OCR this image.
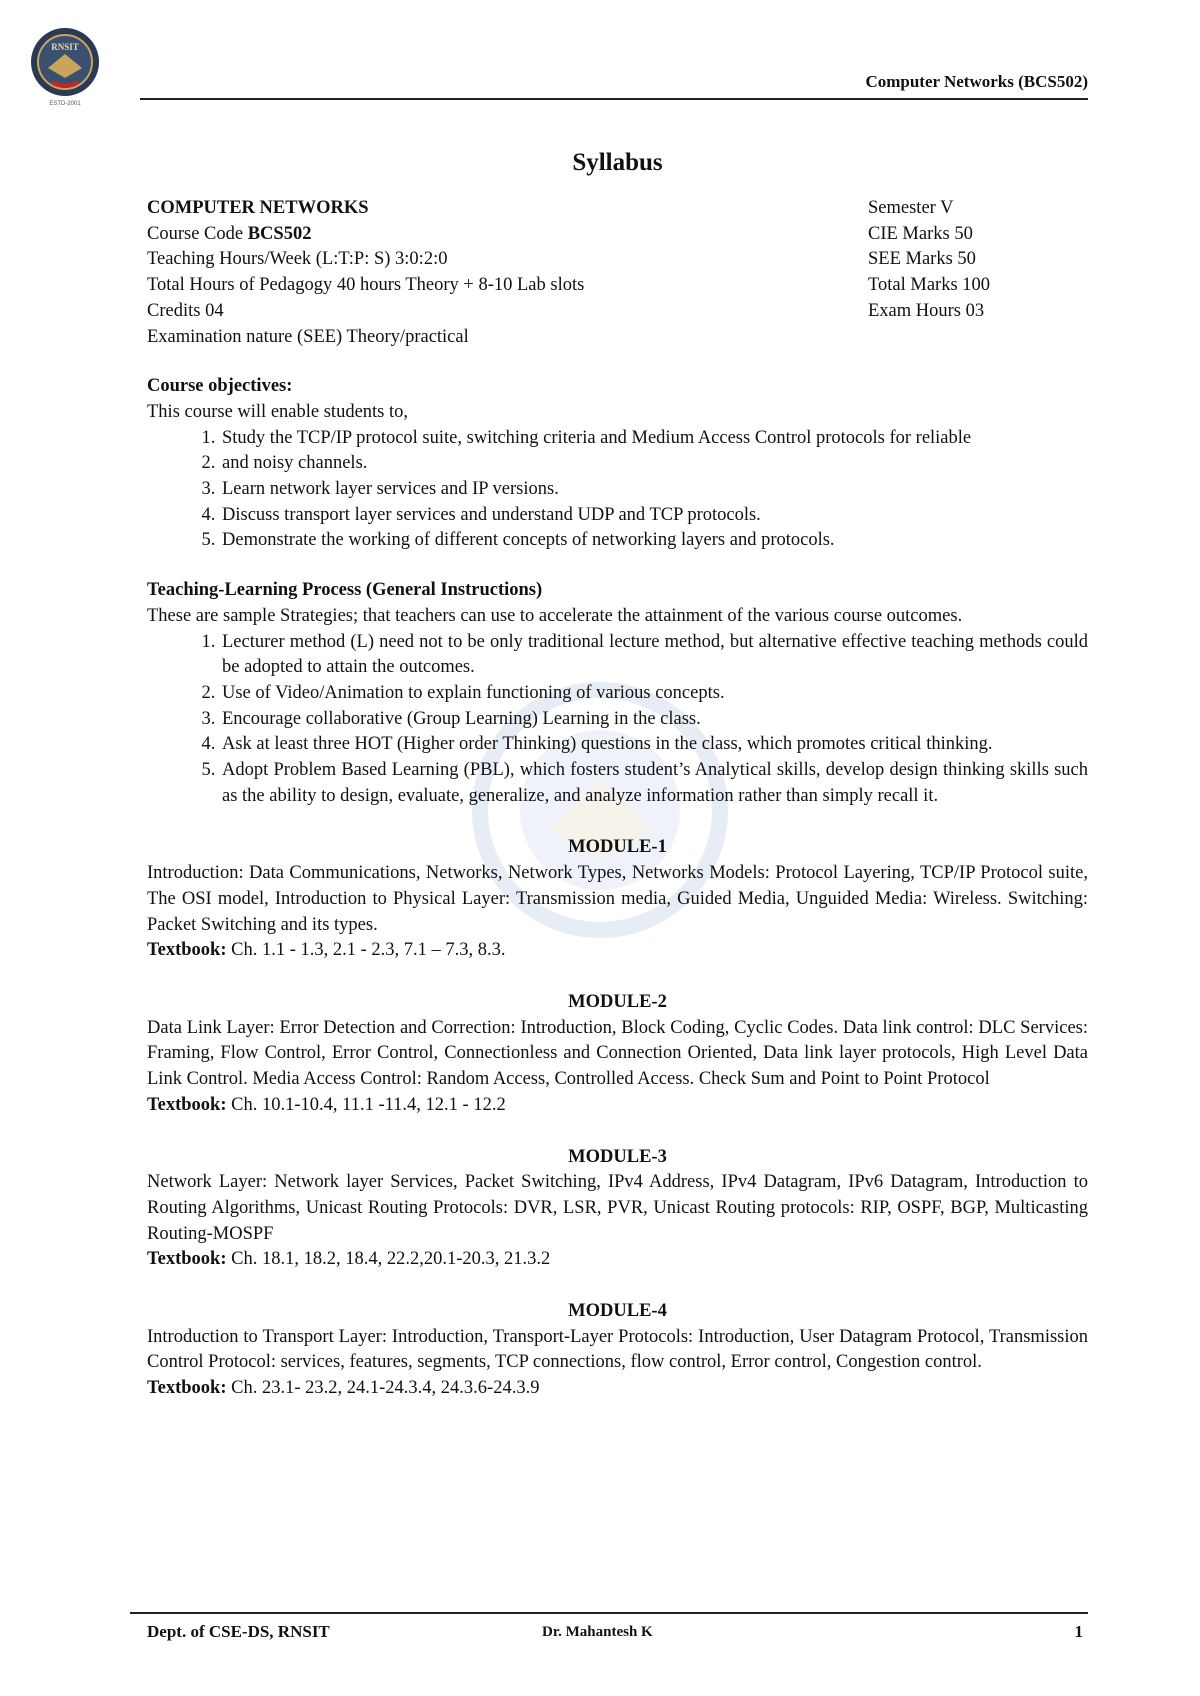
RNSIT
ESTD-2001
Computer Networks (BCS502)
Syllabus
COMPUTER NETWORKS
Course Code BCS502
Teaching Hours/Week (L:T:P: S) 3:0:2:0
Total Hours of Pedagogy 40 hours Theory + 8-10 Lab slots
Credits 04
Examination nature (SEE) Theory/practical
Semester V
CIE Marks 50
SEE Marks 50
Total Marks 100
Exam Hours 03
Course objectives:
This course will enable students to,
1. Study the TCP/IP protocol suite, switching criteria and Medium Access Control protocols for reliable
2. and noisy channels.
3. Learn network layer services and IP versions.
4. Discuss transport layer services and understand UDP and TCP protocols.
5. Demonstrate the working of different concepts of networking layers and protocols.
Teaching-Learning Process (General Instructions)
These are sample Strategies; that teachers can use to accelerate the attainment of the various course outcomes.
1. Lecturer method (L) need not to be only traditional lecture method, but alternative effective teaching methods could be adopted to attain the outcomes.
2. Use of Video/Animation to explain functioning of various concepts.
3. Encourage collaborative (Group Learning) Learning in the class.
4. Ask at least three HOT (Higher order Thinking) questions in the class, which promotes critical thinking.
5. Adopt Problem Based Learning (PBL), which fosters student’s Analytical skills, develop design thinking skills such as the ability to design, evaluate, generalize, and analyze information rather than simply recall it.
MODULE-1
Introduction: Data Communications, Networks, Network Types, Networks Models: Protocol Layering, TCP/IP Protocol suite, The OSI model, Introduction to Physical Layer: Transmission media, Guided Media, Unguided Media: Wireless. Switching: Packet Switching and its types.
Textbook: Ch. 1.1 - 1.3, 2.1 - 2.3, 7.1 – 7.3, 8.3.
MODULE-2
Data Link Layer: Error Detection and Correction: Introduction, Block Coding, Cyclic Codes. Data link control: DLC Services: Framing, Flow Control, Error Control, Connectionless and Connection Oriented, Data link layer protocols, High Level Data Link Control. Media Access Control: Random Access, Controlled Access. Check Sum and Point to Point Protocol
Textbook: Ch. 10.1-10.4, 11.1 -11.4, 12.1 - 12.2
MODULE-3
Network Layer: Network layer Services, Packet Switching, IPv4 Address, IPv4 Datagram, IPv6 Datagram, Introduction to Routing Algorithms, Unicast Routing Protocols: DVR, LSR, PVR, Unicast Routing protocols: RIP, OSPF, BGP, Multicasting Routing-MOSPF
Textbook: Ch. 18.1, 18.2, 18.4, 22.2,20.1-20.3, 21.3.2
MODULE-4
Introduction to Transport Layer: Introduction, Transport-Layer Protocols: Introduction, User Datagram Protocol, Transmission Control Protocol: services, features, segments, TCP connections, flow control, Error control, Congestion control.
Textbook: Ch. 23.1- 23.2, 24.1-24.3.4, 24.3.6-24.3.9
Dept. of CSE-DS, RNSIT	Dr. Mahantesh K	1
